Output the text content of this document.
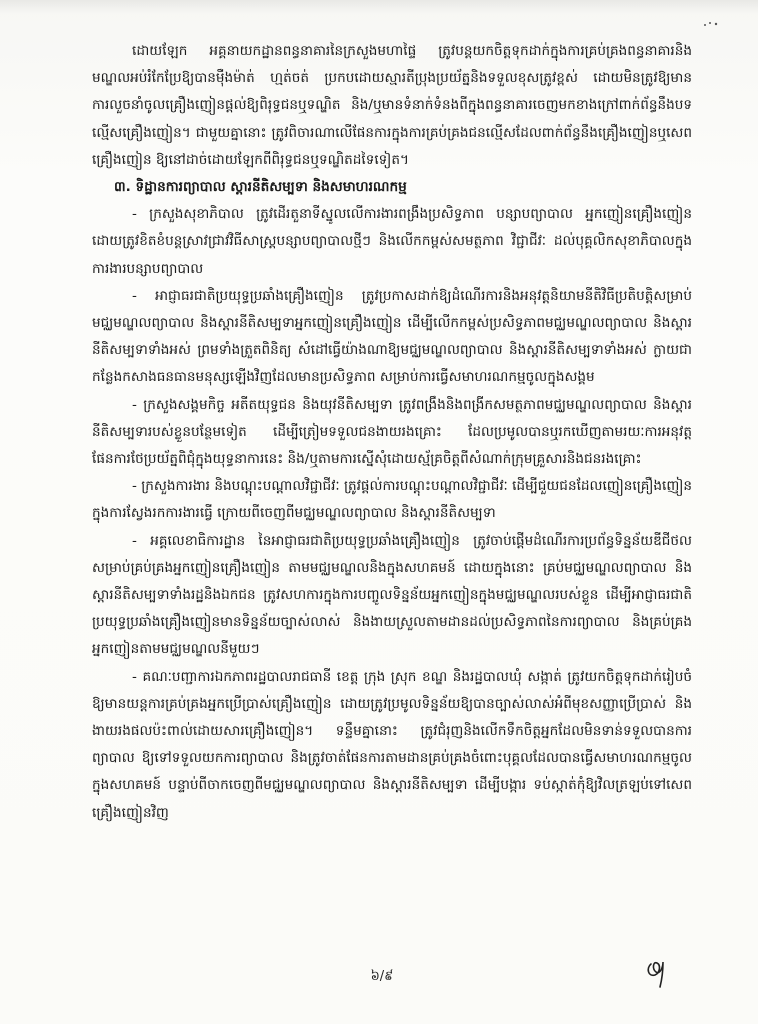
ដោយឡែក អគ្គនាយកដ្ឋានពន្ធនាគារនៃក្រសួងមហាផ្ទៃ ត្រូវបន្តយកចិត្តទុកដាក់ក្នុងការគ្រប់គ្រងពន្ធនាគារនិងមណ្ឌលអប់រំកែប្រែឱ្យបានម៉ឺងម៉ាត់ ហ្មត់ចត់ ប្រកបដោយស្មារតីប្រុងប្រយ័ត្ននិងទទួលខុសត្រូវខ្ពស់ ដោយមិនត្រូវឱ្យមានការលួចនាំចូលគ្រឿងញៀនផ្តល់ឱ្យពិរុទ្ធជនឬទណ្ឌិត និង/ឬមានទំនាក់ទំនងពីក្នុងពន្ធនាគារចេញមកខាងក្រៅពាក់ព័ន្ធនឹងបទល្មើសគ្រឿងញៀន។ ជាមួយគ្នានោះ ត្រូវពិចារណាលើផែនការក្នុងការគ្រប់គ្រងជនល្មើសដែលពាក់ព័ន្ធនឹងគ្រឿងញៀនឬសេពគ្រឿងញៀន ឱ្យនៅដាច់ដោយឡែកពីពិរុទ្ធជនឬទណ្ឌិតដទៃទៀត។

៣. ទិដ្ឋានការព្យាបាល ស្តារនីតិសម្បទា និងសមាហរណកម្ម

- ក្រសួងសុខាភិបាល ត្រូវដើរតួនាទីស្នូលលើការងារពង្រឹងប្រសិទ្ធភាព បន្សាបព្យាបាល អ្នកញៀនគ្រឿងញៀន ដោយត្រូវខិតខំបន្តស្រាវជ្រាវវិធីសាស្ត្របន្សាបព្យាបាលថ្មីៗ និងលើកកម្ពស់សមត្ថភាព វិជ្ជាជីវៈ ដល់បុគ្គលិកសុខាភិបាលក្នុងការងារបន្សាបព្យាបាល

- អាជ្ញាធរជាតិប្រយុទ្ធប្រឆាំងគ្រឿងញៀន ត្រូវប្រកាសដាក់ឱ្យដំណើរការនិងអនុវត្តនិយាមនីតិវិធីប្រតិបត្តិសម្រាប់មជ្ឈមណ្ឌលព្យាបាល និងស្តារនីតិសម្បទាអ្នកញៀនគ្រឿងញៀន ដើម្បីលើកកម្ពស់ប្រសិទ្ធភាពមជ្ឈមណ្ឌលព្យាបាល និងស្តារនីតិសម្បទាទាំងអស់ ព្រមទាំងត្រួតពិនិត្យ សំដៅធ្វើយ៉ាងណាឱ្យមជ្ឈមណ្ឌលព្យាបាល និងស្តារនីតិសម្បទាទាំងអស់ ក្លាយជាកន្លែងកសាងធនធានមនុស្សឡើងវិញដែលមានប្រសិទ្ធភាព សម្រាប់ការធ្វើសមាហរណកម្មចូលក្នុងសង្គម

- ក្រសួងសង្គមកិច្ច អតីតយុទ្ធជន និងយុវនីតិសម្បទា ត្រូវពង្រឹងនិងពង្រីកសមត្ថភាពមជ្ឈមណ្ឌលព្យាបាល និងស្តារនីតិសម្បទារបស់ខ្លួនបន្ថែមទៀត ដើម្បីត្រៀមទទួលជនងាយរងគ្រោះ ដែលប្រមូលបានឬរកឃើញតាមរយៈការអនុវត្តផែនការថែប្រយ័ត្នពិជុំក្នុងយុទ្ធនាការនេះ និង/ឬតាមការស្នើសុំដោយស្ម័គ្រចិត្តពីសំណាក់ក្រុមគ្រួសារនិងជនរងគ្រោះ

- ក្រសួងការងារ និងបណ្តុះបណ្តាលវិជ្ជាជីវៈ ត្រូវផ្តល់ការបណ្តុះបណ្តាលវិជ្ជាជីវៈ ដើម្បីជួយជនដែលញៀនគ្រឿងញៀនក្នុងការស្វែងរកការងារធ្វើ ក្រោយពីចេញពីមជ្ឈមណ្ឌលព្យាបាល និងស្តារនីតិសម្បទា

- អគ្គលេខាធិការដ្ឋាន នៃអាជ្ញាធរជាតិប្រយុទ្ធប្រឆាំងគ្រឿងញៀន ត្រូវចាប់ផ្តើមដំណើរការប្រព័ន្ធទិន្នន័យឌីជីថលសម្រាប់គ្រប់គ្រងអ្នកញៀនគ្រឿងញៀន តាមមជ្ឈមណ្ឌលនិងក្នុងសហគមន៍ ដោយក្នុងនោះ គ្រប់មជ្ឈមណ្ឌលព្យាបាល និងស្តារនីតិសម្បទាទាំងរដ្ឋនិងឯកជន ត្រូវសហការក្នុងការបញ្ចូលទិន្នន័យអ្នកញៀនក្នុងមជ្ឈមណ្ឌលរបស់ខ្លួន ដើម្បីអាជ្ញាធរជាតិប្រយុទ្ធប្រឆាំងគ្រឿងញៀនមានទិន្នន័យច្បាស់លាស់ និងងាយស្រួលតាមដានដល់ប្រសិទ្ធភាពនៃការព្យាបាល និងគ្រប់គ្រងអ្នកញៀនតាមមជ្ឈមណ្ឌលនីមួយៗ

- គណៈបញ្ជាការឯកភាពរដ្ឋបាលរាជធានី ខេត្ត ក្រុង ស្រុក ខណ្ឌ និងរដ្ឋបាលឃុំ សង្កាត់ ត្រូវយកចិត្តទុកដាក់រៀបចំឱ្យមានយន្តការគ្រប់គ្រងអ្នកប្រើប្រាស់គ្រឿងញៀន ដោយត្រូវប្រមូលទិន្នន័យឱ្យបានច្បាស់លាស់អំពីមុខសញ្ញាប្រើប្រាស់ និងងាយរងផលប៉ះពាល់ដោយសារគ្រឿងញៀន។ ទន្ទឹមគ្នានោះ ត្រូវជំរុញនិងលើកទឹកចិត្តអ្នកដែលមិនទាន់ទទួលបានការព្យាបាល ឱ្យទៅទទួលយកការព្យាបាល និងត្រូវចាត់ផែនការតាមដានគ្រប់គ្រងចំពោះបុគ្គលដែលបានធ្វើសមាហរណកម្មចូលក្នុងសហគមន៍ បន្ទាប់ពីចាកចេញពីមជ្ឈមណ្ឌលព្យាបាល និងស្តារនីតិសម្បទា ដើម្បីបង្ការ ទប់ស្កាត់កុំឱ្យវិលត្រឡប់ទៅសេពគ្រឿងញៀនវិញ

៦/៩
